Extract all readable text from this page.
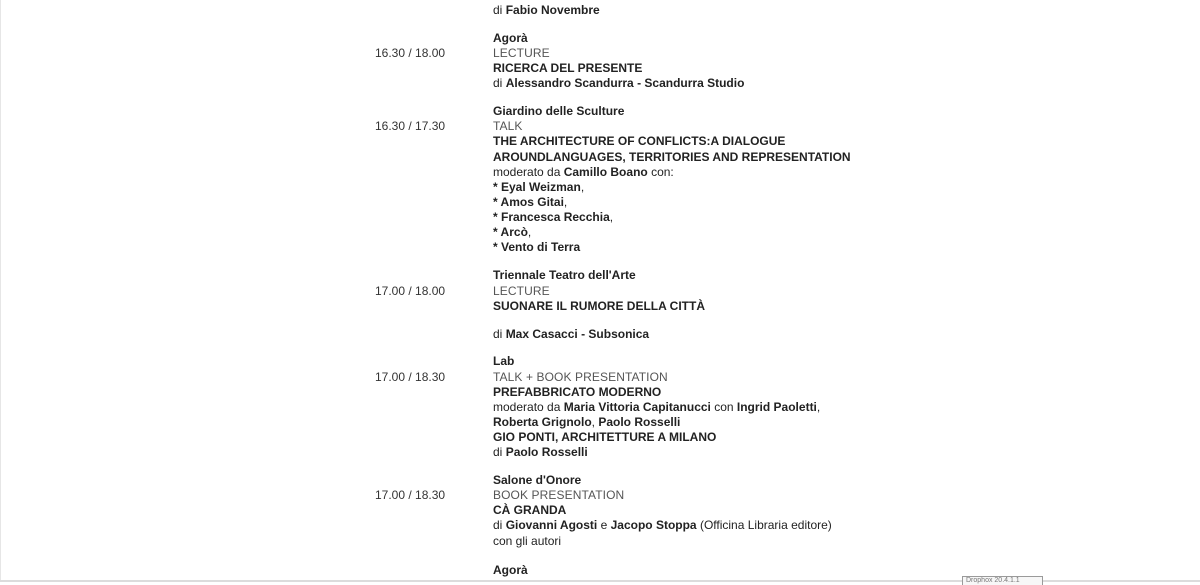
di Fabio Novembre
Agorà
16.30 / 18.00	LECTURE
RICERCA DEL PRESENTE
di Alessandro Scandurra - Scandurra Studio
Giardino delle Sculture
16.30 / 17.30	TALK
THE ARCHITECTURE OF CONFLICTS:A DIALOGUE
AROUNDLANGUAGES, TERRITORIES AND REPRESENTATION
moderato da Camillo Boano con:
* Eyal Weizman,
* Amos Gitai,
* Francesca Recchia,
* Arcò,
* Vento di Terra
Triennale Teatro dell'Arte
17.00 / 18.00	LECTURE
SUONARE IL RUMORE DELLA CITTÀ
di Max Casacci - Subsonica
Lab
17.00 / 18.30	TALK + BOOK PRESENTATION
PREFABBRICATO MODERNO
moderato da Maria Vittoria Capitanucci con Ingrid Paoletti,
Roberta Grignolo, Paolo Rosselli
GIO PONTI, ARCHITETTURE A MILANO
di Paolo Rosselli
Salone d'Onore
17.00 / 18.30	BOOK PRESENTATION
CÀ GRANDA
di Giovanni Agosti e Jacopo Stoppa (Officina Libraria editore)
con gli autori
Agorà
Drophox 20.4.1.1
